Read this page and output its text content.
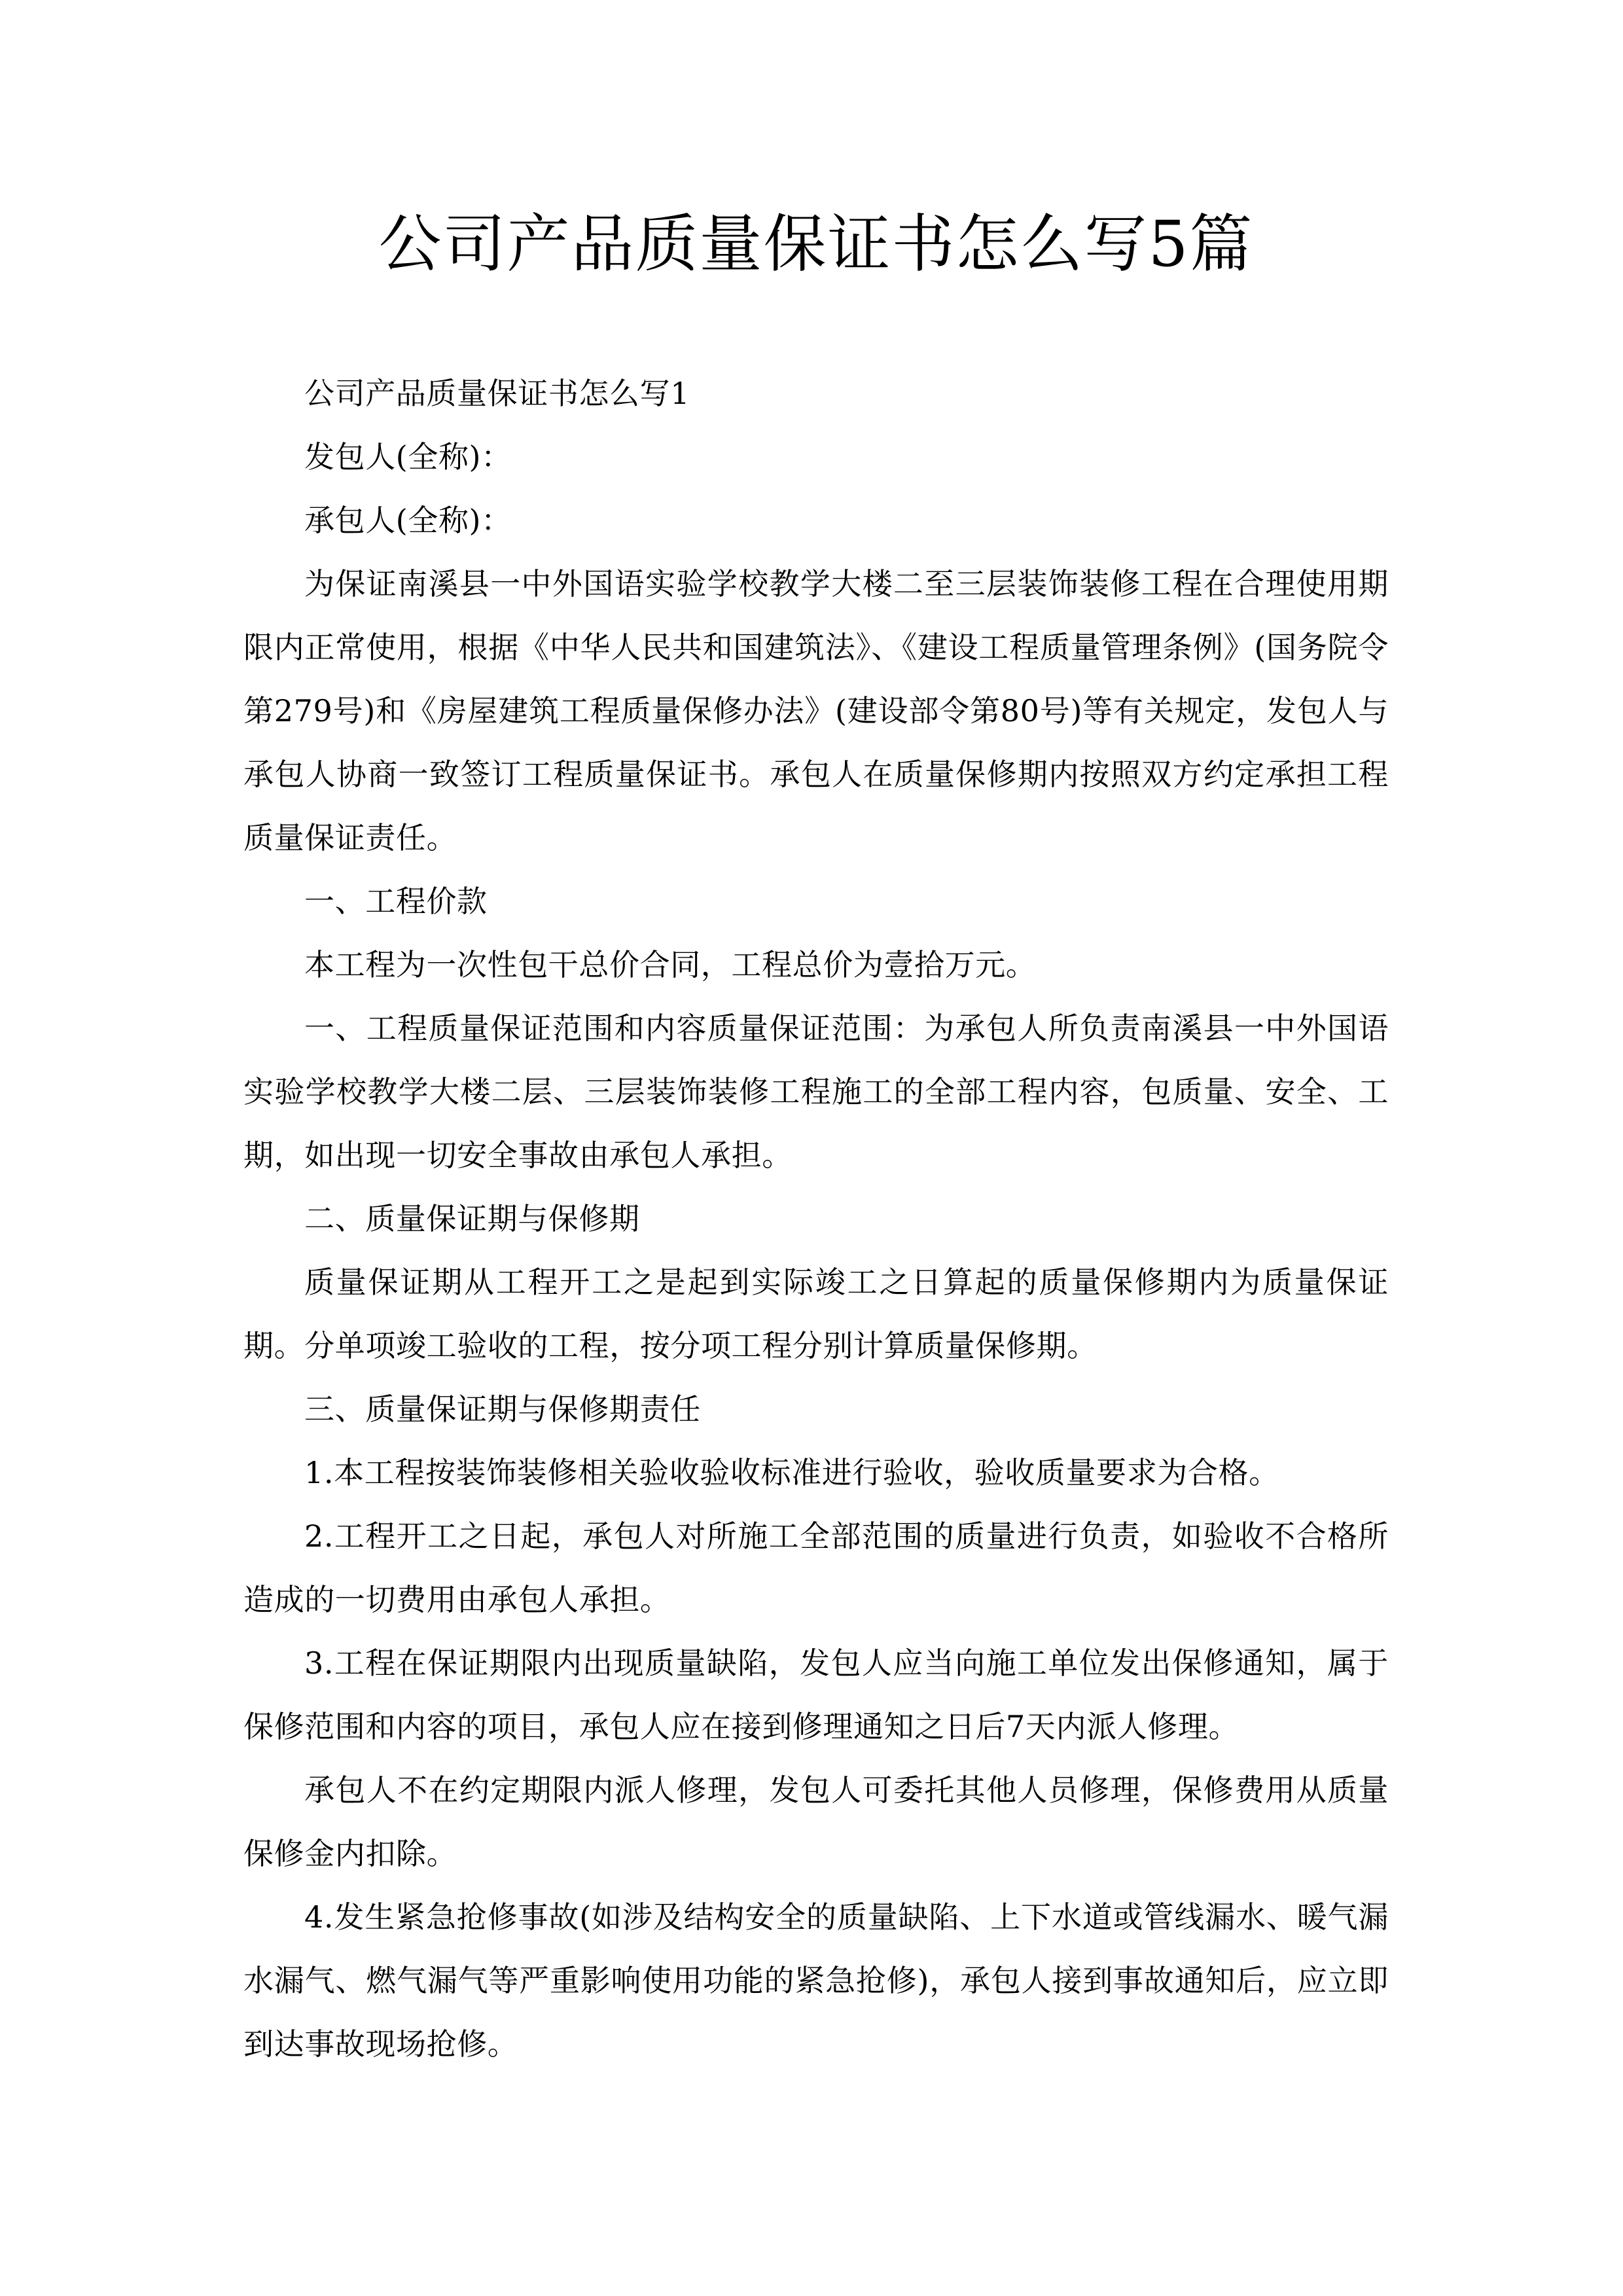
公司产品质量保证书怎么写5篇

公司产品质量保证书怎么写1

发包人(全称)：

承包人(全称)：

为保证南溪县一中外国语实验学校教学大楼二至三层装饰装修工程在合理使用期限内正常使用，根据《中华人民共和国建筑法》、《建设工程质量管理条例》(国务院令第279号)和《房屋建筑工程质量保修办法》(建设部令第80号)等有关规定，发包人与承包人协商一致签订工程质量保证书。承包人在质量保修期内按照双方约定承担工程质量保证责任。

一、工程价款

本工程为一次性包干总价合同，工程总价为壹拾万元。

一、工程质量保证范围和内容质量保证范围：为承包人所负责南溪县一中外国语实验学校教学大楼二层、三层装饰装修工程施工的全部工程内容，包质量、安全、工期，如出现一切安全事故由承包人承担。

二、质量保证期与保修期

质量保证期从工程开工之是起到实际竣工之日算起的质量保修期内为质量保证期。分单项竣工验收的工程，按分项工程分别计算质量保修期。

三、质量保证期与保修期责任

1.本工程按装饰装修相关验收验收标准进行验收，验收质量要求为合格。

2.工程开工之日起，承包人对所施工全部范围的质量进行负责，如验收不合格所造成的一切费用由承包人承担。

3.工程在保证期限内出现质量缺陷，发包人应当向施工单位发出保修通知，属于保修范围和内容的项目，承包人应在接到修理通知之日后7天内派人修理。

承包人不在约定期限内派人修理，发包人可委托其他人员修理，保修费用从质量保修金内扣除。

4.发生紧急抢修事故(如涉及结构安全的质量缺陷、上下水道或管线漏水、暖气漏水漏气、燃气漏气等严重影响使用功能的紧急抢修)，承包人接到事故通知后，应立即到达事故现场抢修。
